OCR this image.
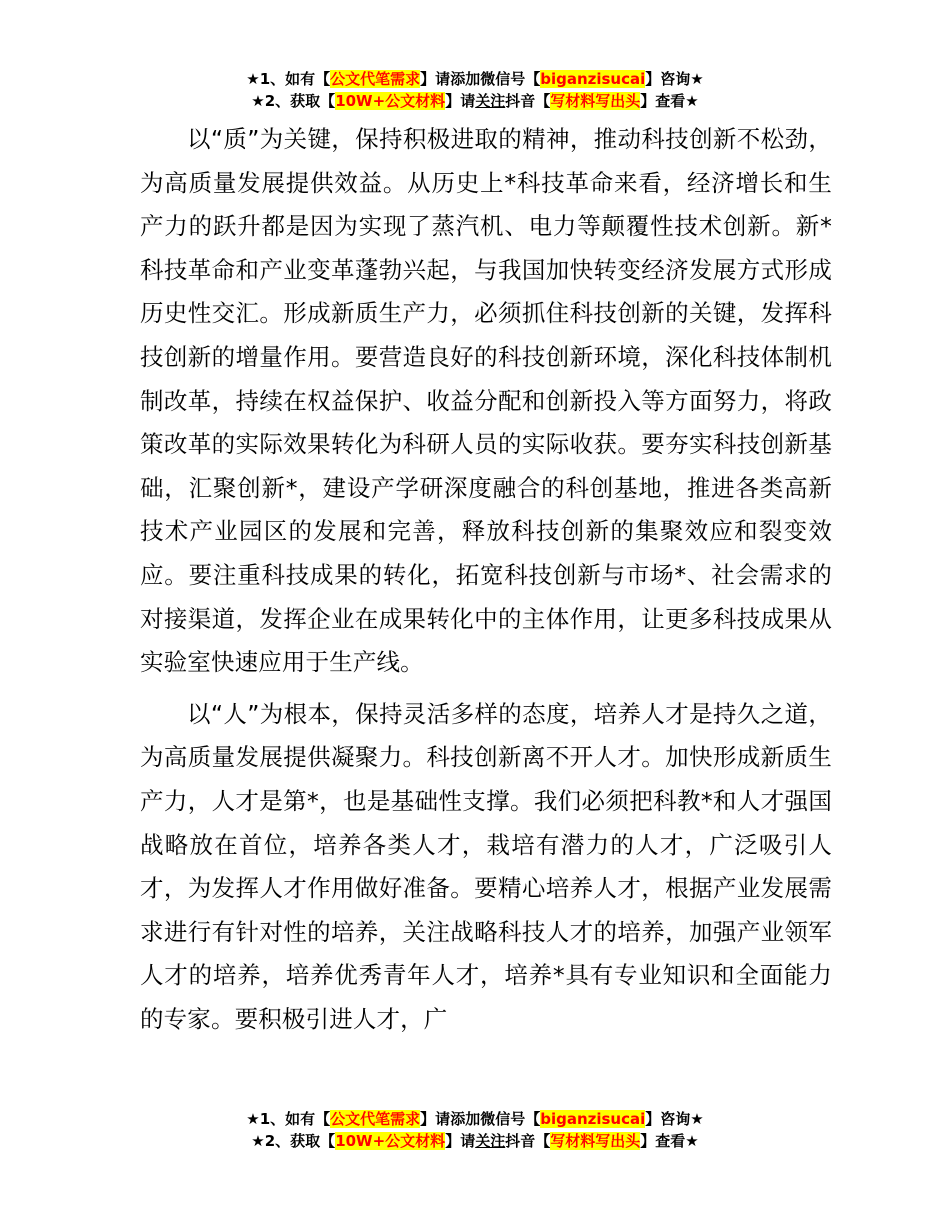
★1、如有【公文代笔需求】请添加微信号【biganzisucai】咨询★
★2、获取【10W+公文材料】请关注抖音【写材料写出头】查看★

以“质”为关键，保持积极进取的精神，推动科技创新不松劲，为高质量发展提供效益。从历史上*科技革命来看，经济增长和生产力的跃升都是因为实现了蒸汽机、电力等颠覆性技术创新。新*科技革命和产业变革蓬勃兴起，与我国加快转变经济发展方式形成历史性交汇。形成新质生产力，必须抓住科技创新的关键，发挥科技创新的增量作用。要营造良好的科技创新环境，深化科技体制机制改革，持续在权益保护、收益分配和创新投入等方面努力，将政策改革的实际效果转化为科研人员的实际收获。要夯实科技创新基础，汇聚创新*，建设产学研深度融合的科创基地，推进各类高新技术产业园区的发展和完善，释放科技创新的集聚效应和裂变效应。要注重科技成果的转化，拓宽科技创新与市场*、社会需求的对接渠道，发挥企业在成果转化中的主体作用，让更多科技成果从实验室快速应用于生产线。

以“人”为根本，保持灵活多样的态度，培养人才是持久之道，为高质量发展提供凝聚力。科技创新离不开人才。加快形成新质生产力，人才是第*，也是基础性支撑。我们必须把科教*和人才强国战略放在首位，培养各类人才，栽培有潜力的人才，广泛吸引人才，为发挥人才作用做好准备。要精心培养人才，根据产业发展需求进行有针对性的培养，关注战略科技人才的培养，加强产业领军人才的培养，培养优秀青年人才，培养*具有专业知识和全面能力的专家。要积极引进人才，广

★1、如有【公文代笔需求】请添加微信号【biganzisucai】咨询★
★2、获取【10W+公文材料】请关注抖音【写材料写出头】查看★
